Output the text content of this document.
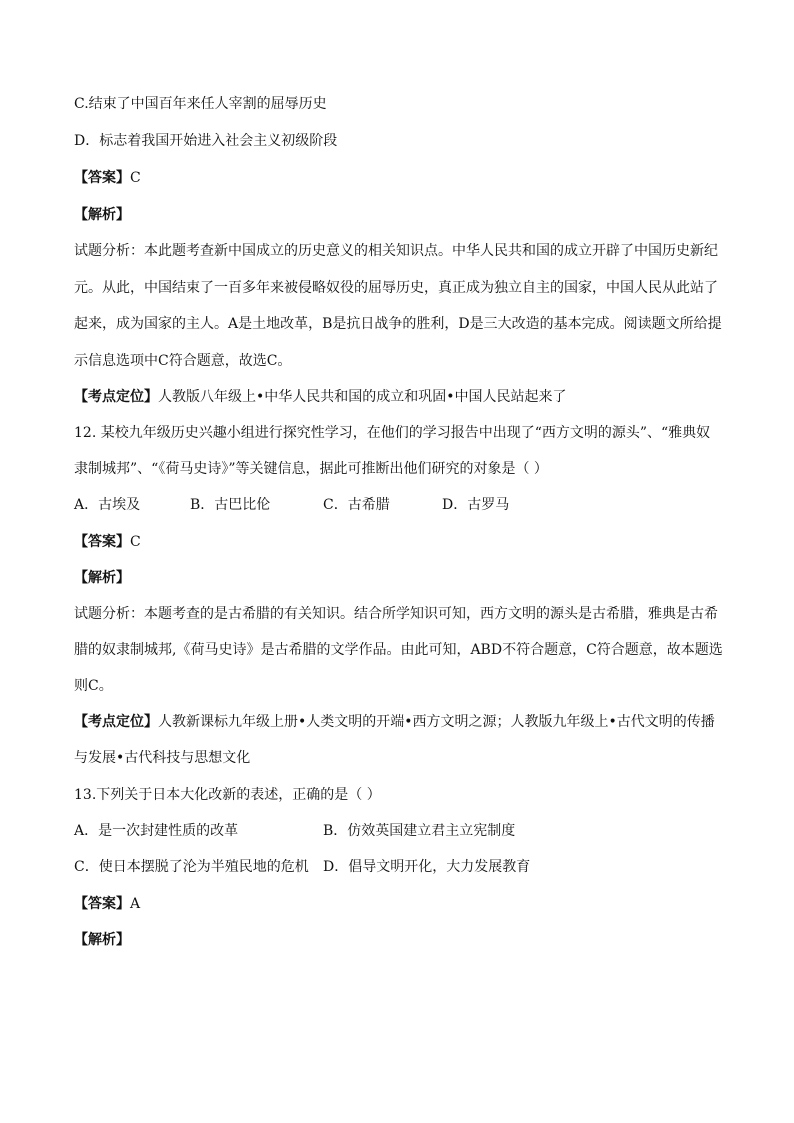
C.结束了中国百年来任人宰割的屈辱历史
D．标志着我国开始进入社会主义初级阶段
【答案】C
【解析】
试题分析：本此题考查新中国成立的历史意义的相关知识点。中华人民共和国的成立开辟了中国历史新纪
元。从此，中国结束了一百多年来被侵略奴役的屈辱历史，真正成为独立自主的国家，中国人民从此站了
起来，成为国家的主人。A是土地改革，B是抗日战争的胜利，D是三大改造的基本完成。阅读题文所给提
示信息选项中C符合题意，故选C。
【考点定位】人教版八年级上•中华人民共和国的成立和巩固•中国人民站起来了
12. 某校九年级历史兴趣小组进行探究性学习，在他们的学习报告中出现了“西方文明的源头”、“雅典奴
隶制城邦”、“《荷马史诗》”等关键信息，据此可推断出他们研究的对象是（ ）
A．古埃及	B．古巴比伦	C．古希腊	D．古罗马
【答案】C
【解析】
试题分析：本题考查的是古希腊的有关知识。结合所学知识可知，西方文明的源头是古希腊，雅典是古希
腊的奴隶制城邦,《荷马史诗》是古希腊的文学作品。由此可知，ABD不符合题意，C符合题意，故本题选
则C。
【考点定位】人教新课标九年级上册•人类文明的开端•西方文明之源；人教版九年级上•古代文明的传播
与发展•古代科技与思想文化
13.下列关于日本大化改新的表述，正确的是（ ）
A．是一次封建性质的改革	B．仿效英国建立君主立宪制度
C．使日本摆脱了沦为半殖民地的危机 D．倡导文明开化，大力发展教育
【答案】A
【解析】
